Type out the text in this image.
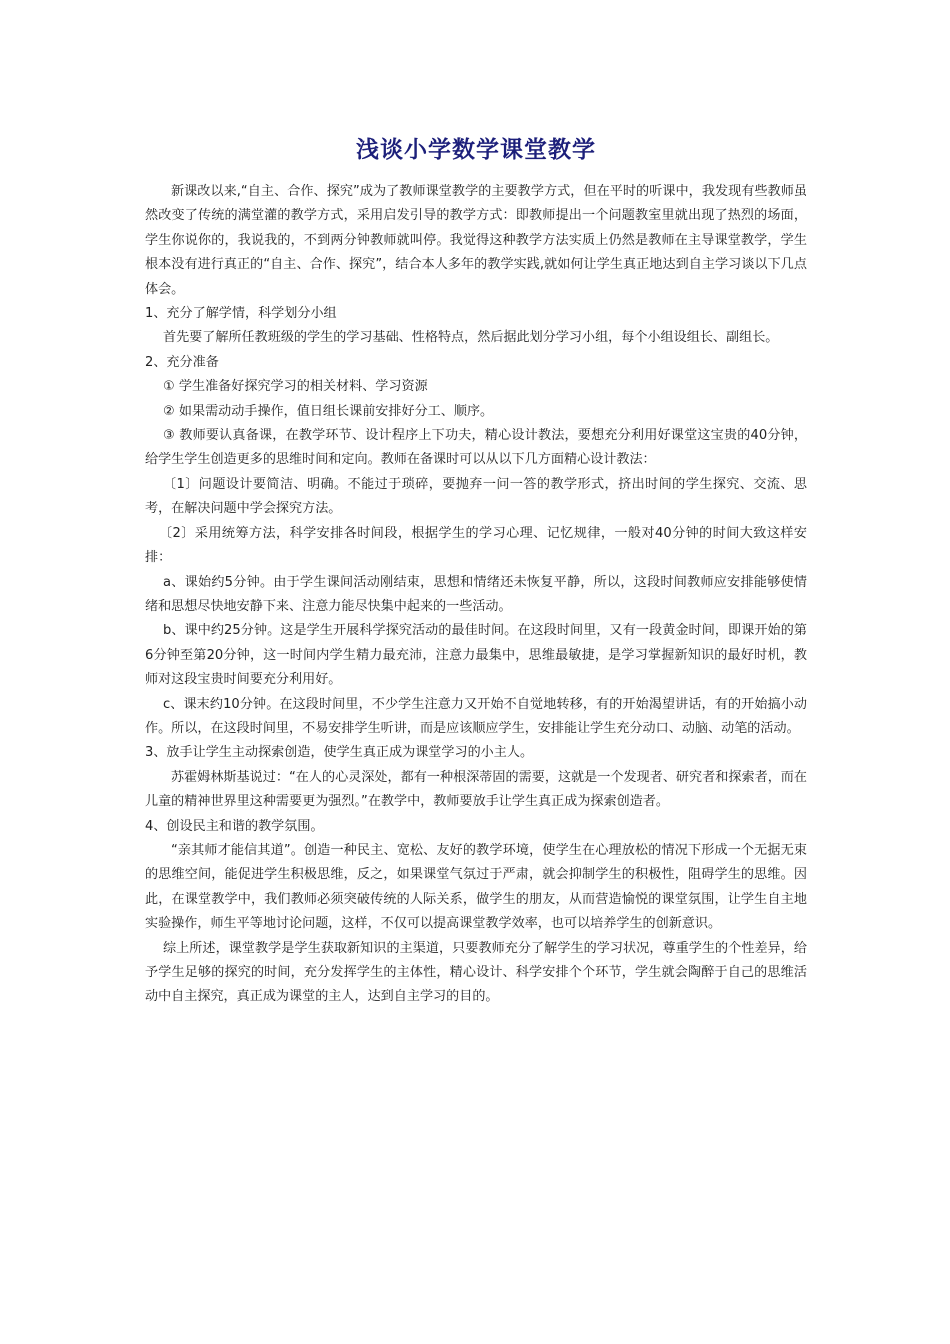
浅谈小学数学课堂教学

新课改以来,“自主、合作、探究”成为了教师课堂教学的主要教学方式，但在平时的听课中，我发现有些教师虽然改变了传统的满堂灌的教学方式，采用启发引导的教学方式：即教师提出一个问题教室里就出现了热烈的场面，学生你说你的，我说我的，不到两分钟教师就叫停。我觉得这种教学方法实质上仍然是教师在主导课堂教学，学生根本没有进行真正的“自主、合作、探究”，结合本人多年的教学实践,就如何让学生真正地达到自主学习谈以下几点体会。

1、充分了解学情，科学划分小组

首先要了解所任教班级的学生的学习基础、性格特点，然后据此划分学习小组，每个小组设组长、副组长。

2、充分准备

① 学生准备好探究学习的相关材料、学习资源

② 如果需动动手操作，值日组长课前安排好分工、顺序。

③ 教师要认真备课，在教学环节、设计程序上下功夫，精心设计教法，要想充分利用好课堂这宝贵的40分钟，给学生学生创造更多的思维时间和定向。教师在备课时可以从以下几方面精心设计教法：

〔1〕问题设计要简洁、明确。不能过于琐碎，要抛弃一问一答的教学形式，挤出时间的学生探究、交流、思考，在解决问题中学会探究方法。

〔2〕采用统筹方法，科学安排各时间段，根据学生的学习心理、记忆规律，一般对40分钟的时间大致这样安排：

a、课始约5分钟。由于学生课间活动刚结束，思想和情绪还未恢复平静，所以，这段时间教师应安排能够使情绪和思想尽快地安静下来、注意力能尽快集中起来的一些活动。

b、课中约25分钟。这是学生开展科学探究活动的最佳时间。在这段时间里，又有一段黄金时间，即课开始的第6分钟至第20分钟，这一时间内学生精力最充沛，注意力最集中，思维最敏捷，是学习掌握新知识的最好时机，教师对这段宝贵时间要充分利用好。

c、课末约10分钟。在这段时间里，不少学生注意力又开始不自觉地转移，有的开始渴望讲话，有的开始搞小动作。所以，在这段时间里，不易安排学生听讲，而是应该顺应学生，安排能让学生充分动口、动脑、动笔的活动。

3、放手让学生主动探索创造，使学生真正成为课堂学习的小主人。

苏霍姆林斯基说过：“在人的心灵深处，都有一种根深蒂固的需要，这就是一个发现者、研究者和探索者，而在儿童的精神世界里这种需要更为强烈。”在教学中，教师要放手让学生真正成为探索创造者。

4、创设民主和谐的教学氛围。

“亲其师才能信其道”。创造一种民主、宽松、友好的教学环境，使学生在心理放松的情况下形成一个无据无束的思维空间，能促进学生积极思维，反之，如果课堂气氛过于严肃，就会抑制学生的积极性，阻碍学生的思维。因此，在课堂教学中，我们教师必须突破传统的人际关系，做学生的朋友，从而营造愉悦的课堂氛围，让学生自主地实验操作，师生平等地讨论问题，这样，不仅可以提高课堂教学效率，也可以培养学生的创新意识。

综上所述，课堂教学是学生获取新知识的主渠道，只要教师充分了解学生的学习状况，尊重学生的个性差异，给予学生足够的探究的时间，充分发挥学生的主体性，精心设计、科学安排个个环节，学生就会陶醉于自己的思维活动中自主探究，真正成为课堂的主人，达到自主学习的目的。
